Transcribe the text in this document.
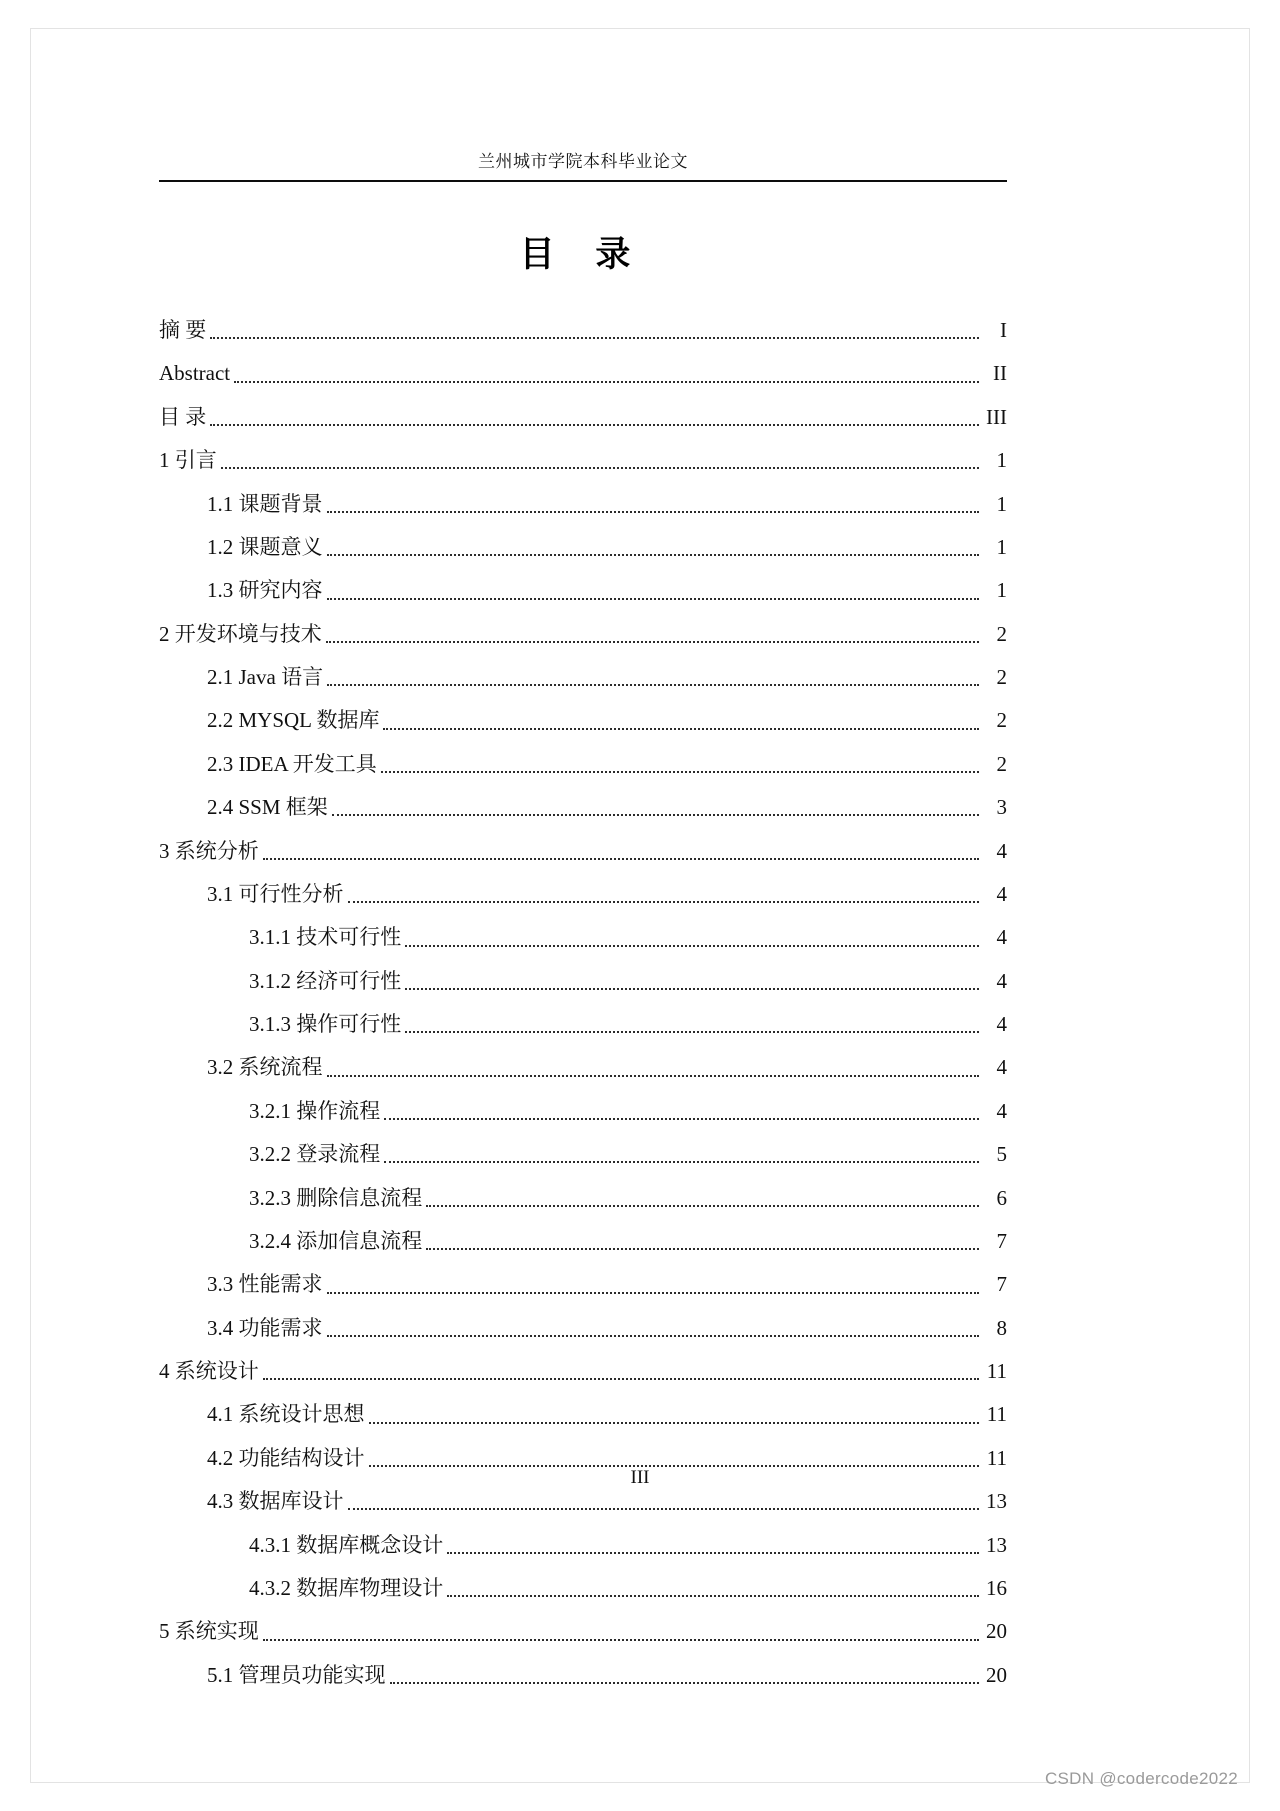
兰州城市学院本科毕业论文
目 录
摘 要	I
Abstract	II
目 录	III
1 引言	1
1.1 课题背景	1
1.2 课题意义	1
1.3 研究内容	1
2 开发环境与技术	2
2.1 Java 语言	2
2.2 MYSQL 数据库	2
2.3 IDEA 开发工具	2
2.4 SSM 框架	3
3 系统分析	4
3.1 可行性分析	4
3.1.1 技术可行性	4
3.1.2 经济可行性	4
3.1.3 操作可行性	4
3.2 系统流程	4
3.2.1 操作流程	4
3.2.2 登录流程	5
3.2.3 删除信息流程	6
3.2.4 添加信息流程	7
3.3 性能需求	7
3.4 功能需求	8
4 系统设计	11
4.1 系统设计思想	11
4.2 功能结构设计	11
4.3 数据库设计	13
4.3.1 数据库概念设计	13
4.3.2 数据库物理设计	16
5 系统实现	20
5.1 管理员功能实现	20
III
CSDN @codercode2022
